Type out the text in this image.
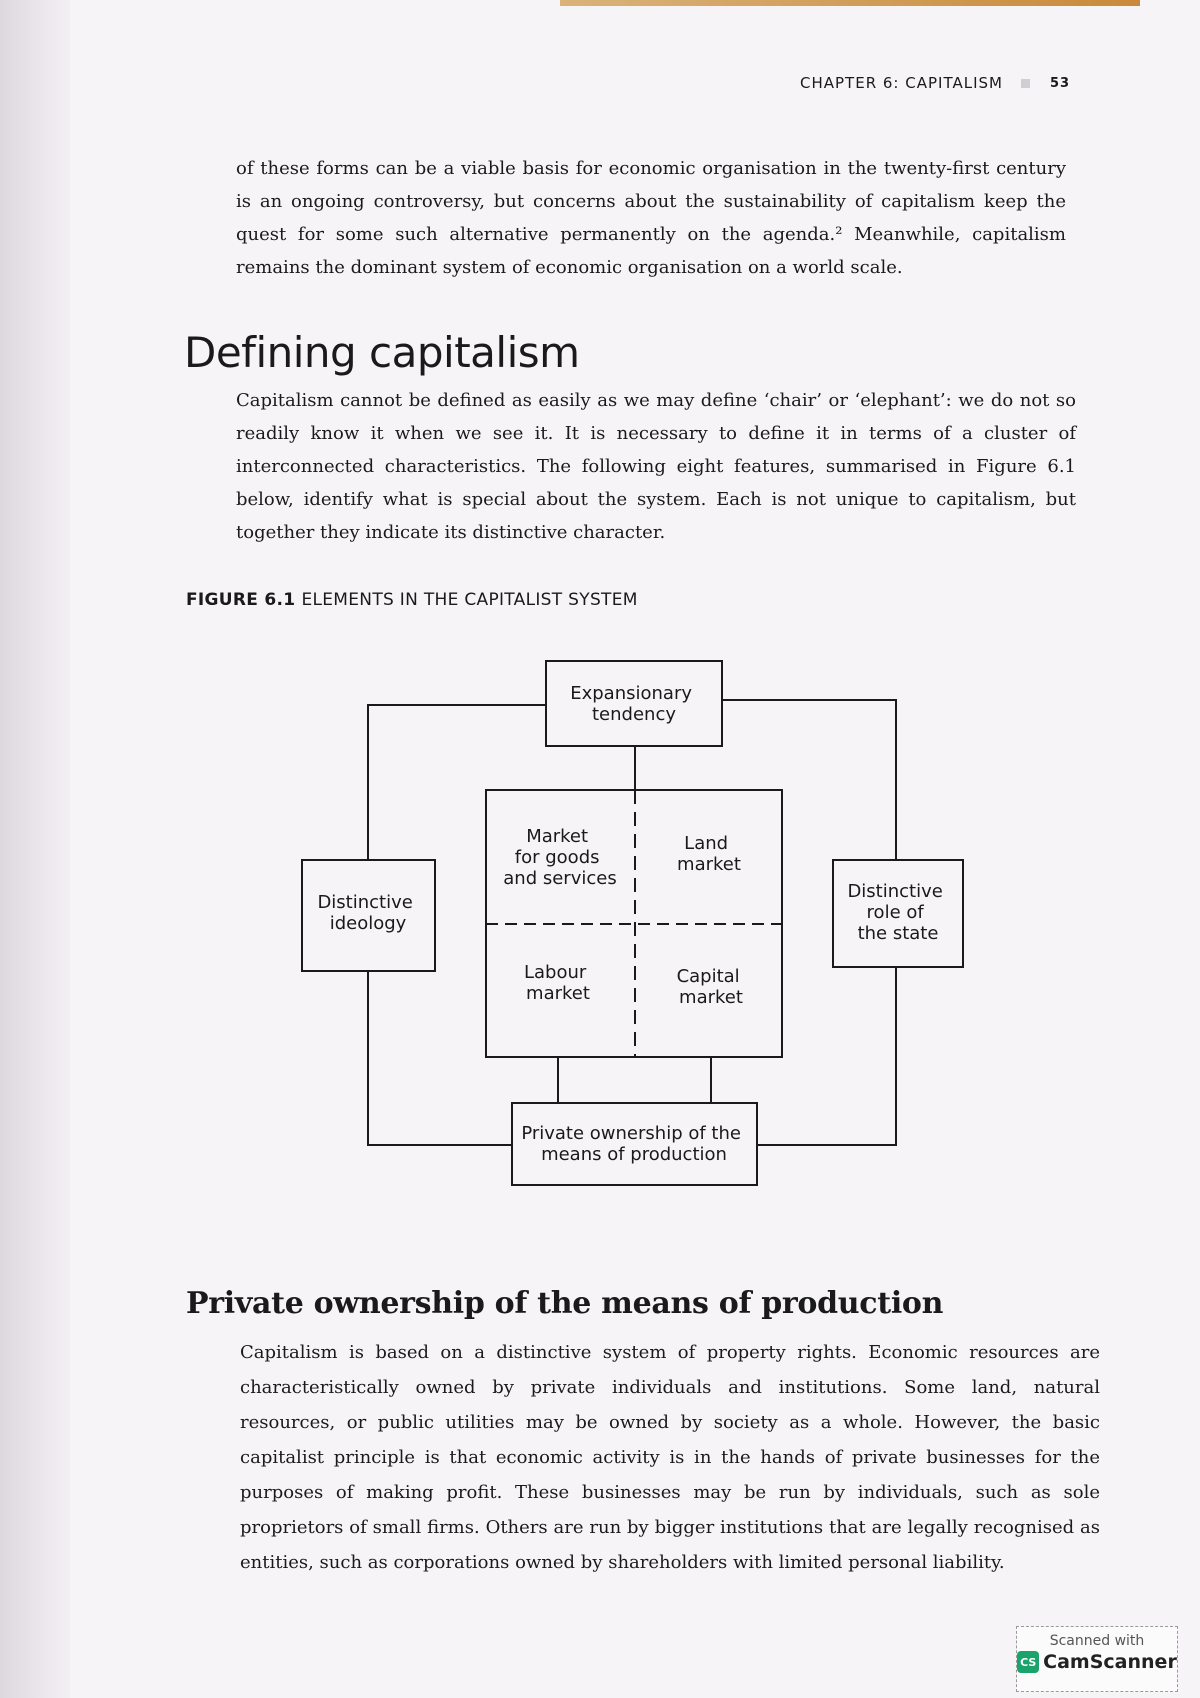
CHAPTER 6: CAPITALISM	53

of these forms can be a viable basis for economic organisation in the twenty-first century is an ongoing controversy, but concerns about the sustainability of capitalism keep the quest for some such alternative permanently on the agenda.² Meanwhile, capitalism remains the dominant system of economic organisation on a world scale.

Defining capitalism

Capitalism cannot be defined as easily as we may define ‘chair’ or ‘elephant’: we do not so readily know it when we see it. It is necessary to define it in terms of a cluster of interconnected characteristics. The following eight features, summarised in Figure 6.1 below, identify what is special about the system. Each is not unique to capitalism, but together they indicate its distinctive character.

FIGURE 6.1 ELEMENTS IN THE CAPITALIST SYSTEM
Expansionary tendency
Market for goods and services
Land market
Labour market
Capital market
Distinctive ideology
Distinctive role of the state
Private ownership of the means of production
Private ownership of the means of production

Capitalism is based on a distinctive system of property rights. Economic resources are characteristically owned by private individuals and institutions. Some land, natural resources, or public utilities may be owned by society as a whole. However, the basic capitalist principle is that economic activity is in the hands of private businesses for the purposes of making profit. These businesses may be run by individuals, such as sole proprietors of small firms. Others are run by bigger institutions that are legally recognised as entities, such as corporations owned by shareholders with limited personal liability.

Scanned with
CS CamScanner
